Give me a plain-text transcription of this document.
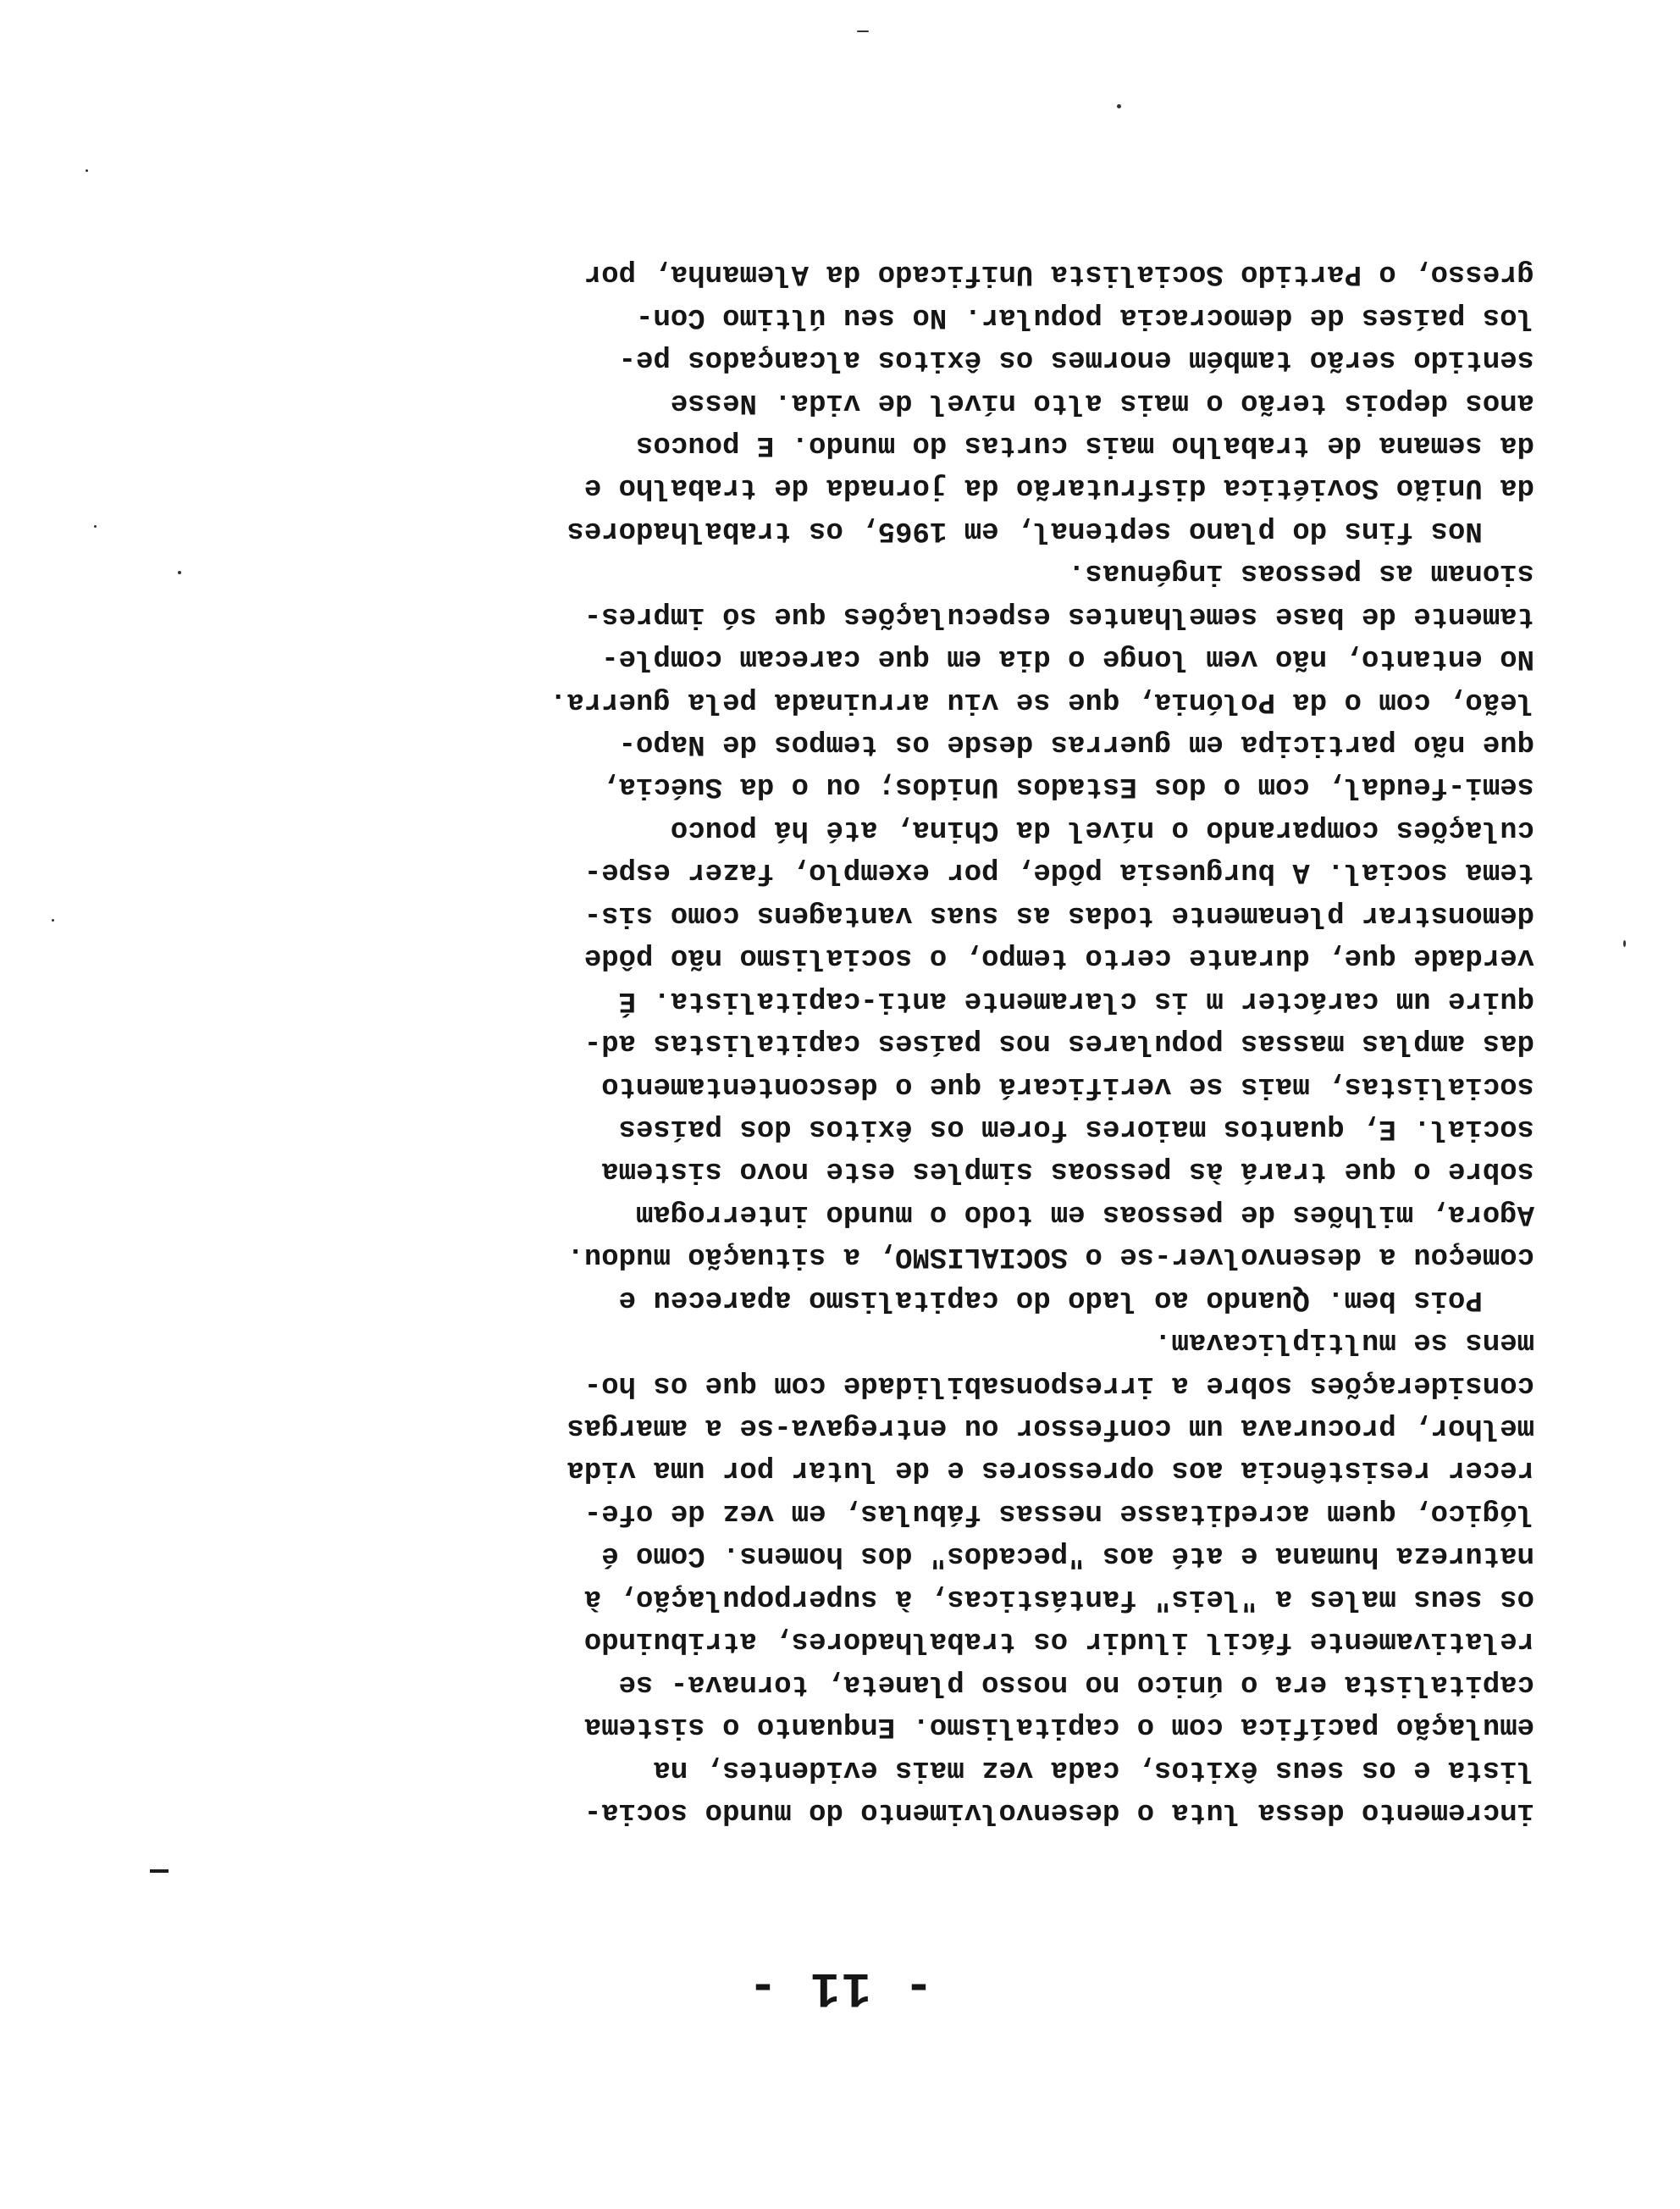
- 11 -
incremento dessa luta o desenvolvimento do mundo socia-
lista e os seus êxitos, cada vez mais evidentes, na
emulação pacífica com o capitalismo. Enquanto o sistema
capitalista era o único no nosso planeta, tornava- se
relativamente fácil iludir os trabalhadores, atribuindo
os seus males a "leis" fantásticas, à superpopulação, à
natureza humana e até aos "pecados" dos homens. Como é
lógico, quem acreditasse nessas fábulas, em vez de ofe-
recer resistência aos opressores e de lutar por uma vida
melhor, procurava um confessor ou entregava-se a amargas
considerações sobre a irresponsabilidade com que os ho-
mens se multiplicavam.
Pois bem. Quando ao lado do capitalismo apareceu e
começou a desenvolver-se o SOCIALISMO, a situação mudou.
Agora, milhões de pessoas em todo o mundo interrogam
sobre o que trará às pessoas simples este novo sistema
social. E, quantos maiores forem os êxitos dos países
socialistas, mais se verificará que o descontentamento
das amplas massas populares nos países capitalistas ad-
quire um carácter m is claramente anti-capitalista. É
verdade que, durante certo tempo, o socialismo não pôde
demonstrar plenamente todas as suas vantagens como sis-
tema social. A burguesia pôde, por exemplo, fazer espe-
culações comparando o nível da China, até há pouco
semi-feudal, com o dos Estados Unidos; ou o da Suécia,
que não participa em guerras desde os tempos de Napo-
leão, com o da Polónia, que se viu arruinada pela guerra.
No entanto, não vem longe o dia em que carecam comple-
tamente de base semelhantes especulações que só impres-
sionam as pessoas ingénuas.
Nos fins do plano septenal, em 1965, os trabalhadores
da União Soviética disfrutarão da jornada de trabalho e
da semana de trabalho mais curtas do mundo. E poucos
anos depois terão o mais alto nível de vida. Nesse
sentido serão também enormes os êxitos alcançados pe-
los países de democracia popular. No seu último Con-
gresso, o Partido Socialista Unificado da Alemanha, por
